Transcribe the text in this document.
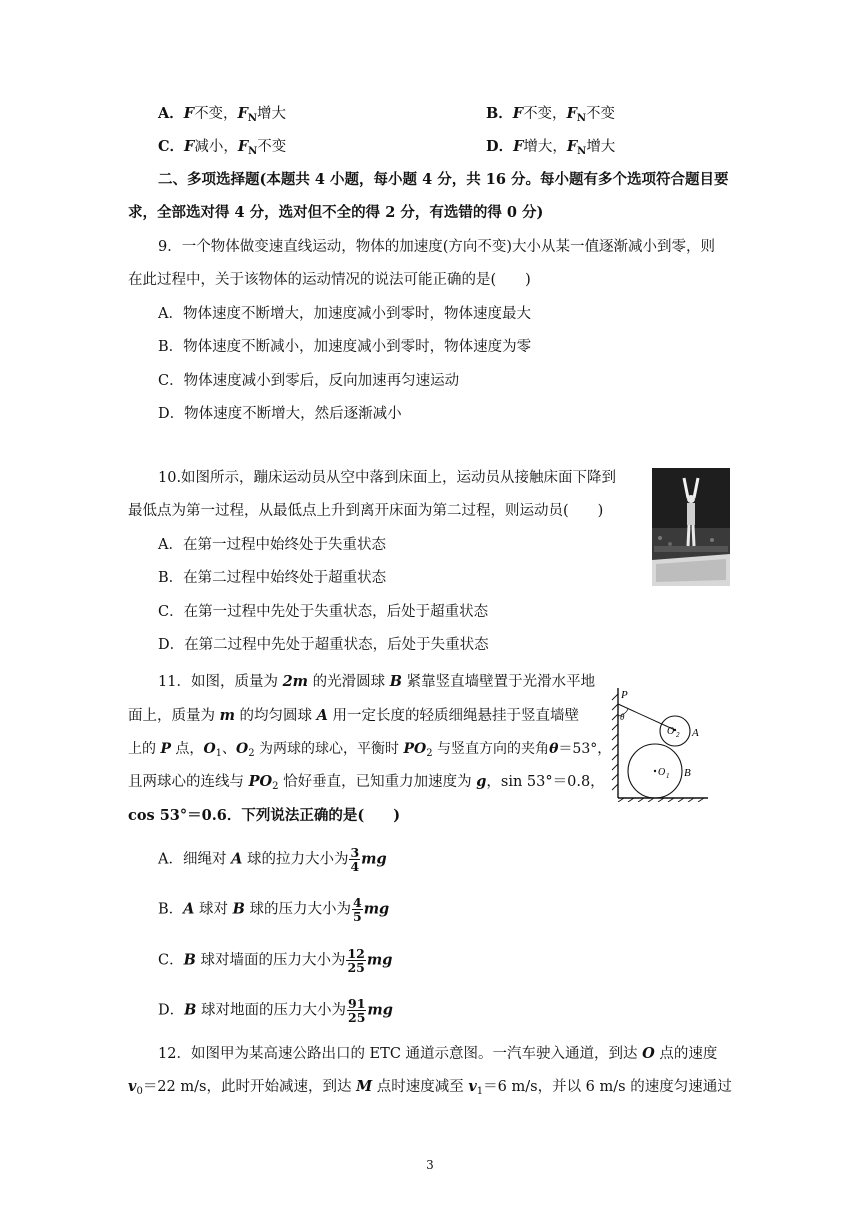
A．F不变，$F_N$增大	B．F不变，$F_N$不变
C．F减小，$F_N$不变	D．F增大，$F_N$增大
二、多项选择题(本题共 4 小题，每小题 4 分，共 16 分。每小题有多个选项符合题目要
求，全部选对得 4 分，选对但不全的得 2 分，有选错的得 0 分)
9．一个物体做变速直线运动，物体的加速度(方向不变)大小从某一值逐渐减小到零，则
在此过程中，关于该物体的运动情况的说法可能正确的是(　　)
A．物体速度不断增大，加速度减小到零时，物体速度最大
B．物体速度不断减小，加速度减小到零时，物体速度为零
C．物体速度减小到零后，反向加速再匀速运动
D．物体速度不断增大，然后逐渐减小
10.如图所示，蹦床运动员从空中落到床面上，运动员从接触床面下降到
最低点为第一过程，从最低点上升到离开床面为第二过程，则运动员(　　)
A．在第一过程中始终处于失重状态
B．在第二过程中始终处于超重状态
C．在第一过程中先处于失重状态，后处于超重状态
D．在第二过程中先处于超重状态，后处于失重状态
11．如图，质量为 2m 的光滑圆球 B 紧靠竖直墙壁置于光滑水平地
面上，质量为 m 的均匀圆球 A 用一定长度的轻质细绳悬挂于竖直墙壁
上的 P 点，$O_1$、$O_2$ 为两球的球心，平衡时 $PO_2$ 与竖直方向的夹角θ＝53°，
且两球心的连线与 $PO_2$ 恰好垂直，已知重力加速度为 g，sin 53°＝0.8，
cos 53°＝0.6．下列说法正确的是(　　)
A．细绳对 A 球的拉力大小为 $\frac{3}{4}$ mg
B．A 球对 B 球的压力大小为 $\frac{4}{5}$ mg
C．B 球对墙面的压力大小为 $\frac{12}{25}$ mg
D．B 球对地面的压力大小为 $\frac{91}{25}$ mg
P
θ
O 2 A
O 1 B
12．如图甲为某高速公路出口的 ETC 通道示意图。一汽车驶入通道，到达 O 点的速度
$v_0=22$ m/s，此时开始减速，到达 M 点时速度减至 $v_1=6$ m/s，并以 6 m/s 的速度匀速通过
3
